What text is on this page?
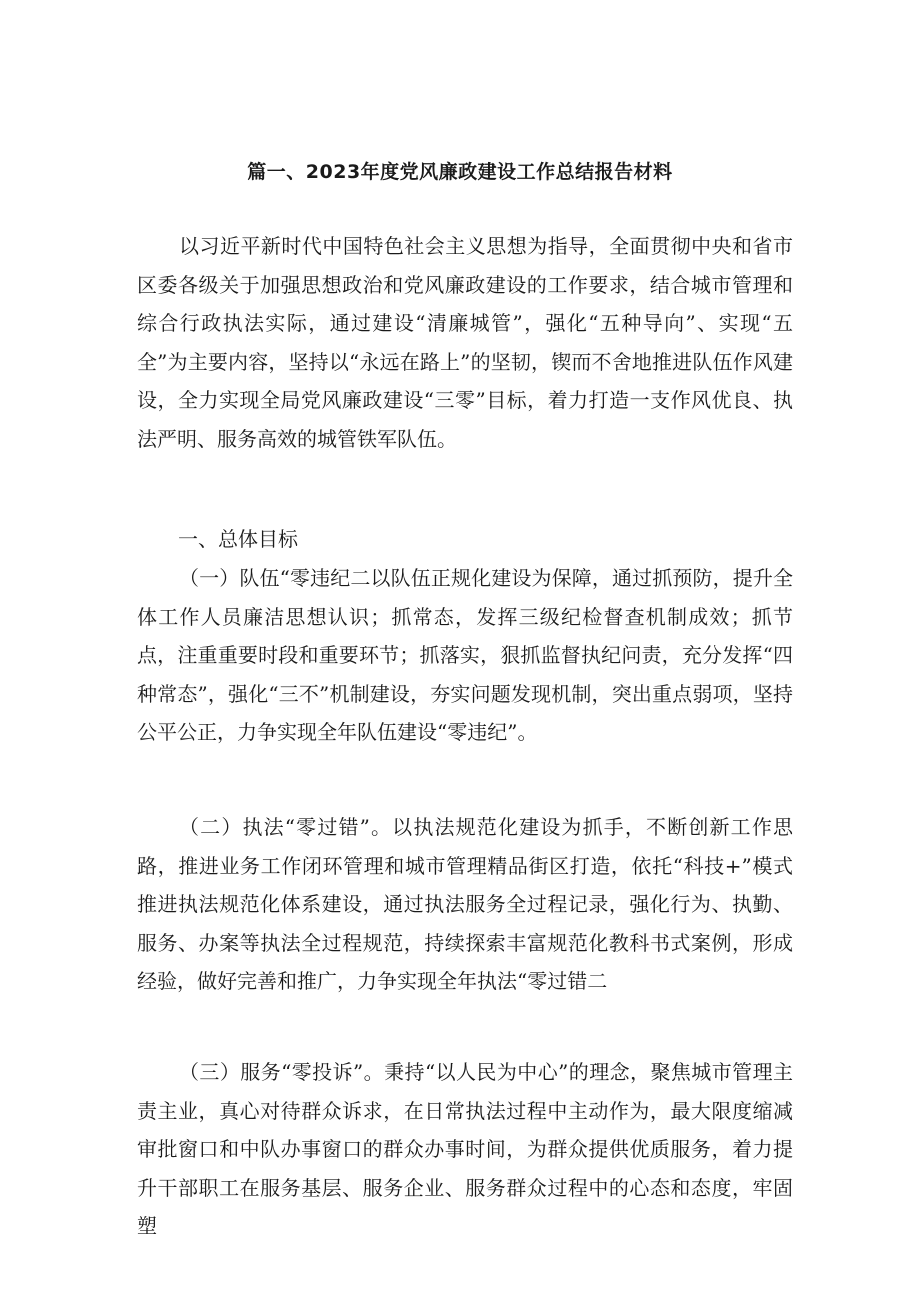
篇一、2023年度党风廉政建设工作总结报告材料

以习近平新时代中国特色社会主义思想为指导，全面贯彻中央和省市区委各级关于加强思想政治和党风廉政建设的工作要求，结合城市管理和综合行政执法实际，通过建设“清廉城管”，强化“五种导向”、实现“五全”为主要内容，坚持以“永远在路上”的坚韧，锲而不舍地推进队伍作风建设，全力实现全局党风廉政建设“三零”目标，着力打造一支作风优良、执法严明、服务高效的城管铁军队伍。

一、总体目标

（一）队伍“零违纪二以队伍正规化建设为保障，通过抓预防，提升全体工作人员廉洁思想认识；抓常态，发挥三级纪检督查机制成效；抓节点，注重重要时段和重要环节；抓落实，狠抓监督执纪问责，充分发挥“四种常态”，强化“三不”机制建设，夯实问题发现机制，突出重点弱项，坚持公平公正，力争实现全年队伍建设“零违纪”。

（二）执法“零过错”。以执法规范化建设为抓手，不断创新工作思路，推进业务工作闭环管理和城市管理精品街区打造，依托“科技+”模式推进执法规范化体系建设，通过执法服务全过程记录，强化行为、执勤、服务、办案等执法全过程规范，持续探索丰富规范化教科书式案例，形成经验，做好完善和推广，力争实现全年执法“零过错二

（三）服务“零投诉”。秉持“以人民为中心”的理念，聚焦城市管理主责主业，真心对待群众诉求，在日常执法过程中主动作为，最大限度缩减审批窗口和中队办事窗口的群众办事时间，为群众提供优质服务，着力提升干部职工在服务基层、服务企业、服务群众过程中的心态和态度，牢固塑
